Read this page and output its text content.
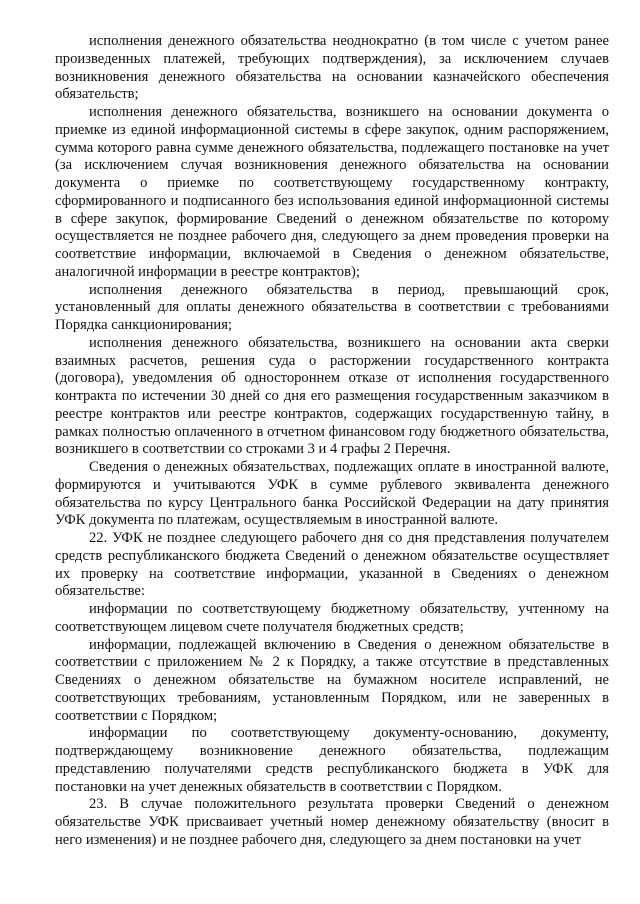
исполнения денежного обязательства неоднократно (в том числе с учетом ранее произведенных платежей, требующих подтверждения), за исключением случаев возникновения денежного обязательства на основании казначейского обеспечения обязательств;

исполнения денежного обязательства, возникшего на основании документа о приемке из единой информационной системы в сфере закупок, одним распоряжением, сумма которого равна сумме денежного обязательства, подлежащего постановке на учет (за исключением случая возникновения денежного обязательства на основании документа о приемке по соответствующему государственному контракту, сформированного и подписанного без использования единой информационной системы в сфере закупок, формирование Сведений о денежном обязательстве по которому осуществляется не позднее рабочего дня, следующего за днем проведения проверки на соответствие информации, включаемой в Сведения о денежном обязательстве, аналогичной информации в реестре контрактов);

исполнения денежного обязательства в период, превышающий срок, установленный для оплаты денежного обязательства в соответствии с требованиями Порядка санкционирования;

исполнения денежного обязательства, возникшего на основании акта сверки взаимных расчетов, решения суда о расторжении государственного контракта (договора), уведомления об одностороннем отказе от исполнения государственного контракта по истечении 30 дней со дня его размещения государственным заказчиком в реестре контрактов или реестре контрактов, содержащих государственную тайну, в рамках полностью оплаченного в отчетном финансовом году бюджетного обязательства, возникшего в соответствии со строками 3 и 4 графы 2 Перечня.

Сведения о денежных обязательствах, подлежащих оплате в иностранной валюте, формируются и учитываются УФК в сумме рублевого эквивалента денежного обязательства по курсу Центрального банка Российской Федерации на дату принятия УФК документа по платежам, осуществляемым в иностранной валюте.

22. УФК не позднее следующего рабочего дня со дня представления получателем средств республиканского бюджета Сведений о денежном обязательстве осуществляет их проверку на соответствие информации, указанной в Сведениях о денежном обязательстве:

информации по соответствующему бюджетному обязательству, учтенному на соответствующем лицевом счете получателя бюджетных средств;

информации, подлежащей включению в Сведения о денежном обязательстве в соответствии с приложением № 2 к Порядку, а также отсутствие в представленных Сведениях о денежном обязательстве на бумажном носителе исправлений, не соответствующих требованиям, установленным Порядком, или не заверенных в соответствии с Порядком;

информации по соответствующему документу-основанию, документу, подтверждающему возникновение денежного обязательства, подлежащим представлению получателями средств республиканского бюджета в УФК для постановки на учет денежных обязательств в соответствии с Порядком.

23. В случае положительного результата проверки Сведений о денежном обязательстве УФК присваивает учетный номер денежному обязательству (вносит в него изменения) и не позднее рабочего дня, следующего за днем постановки на учет
